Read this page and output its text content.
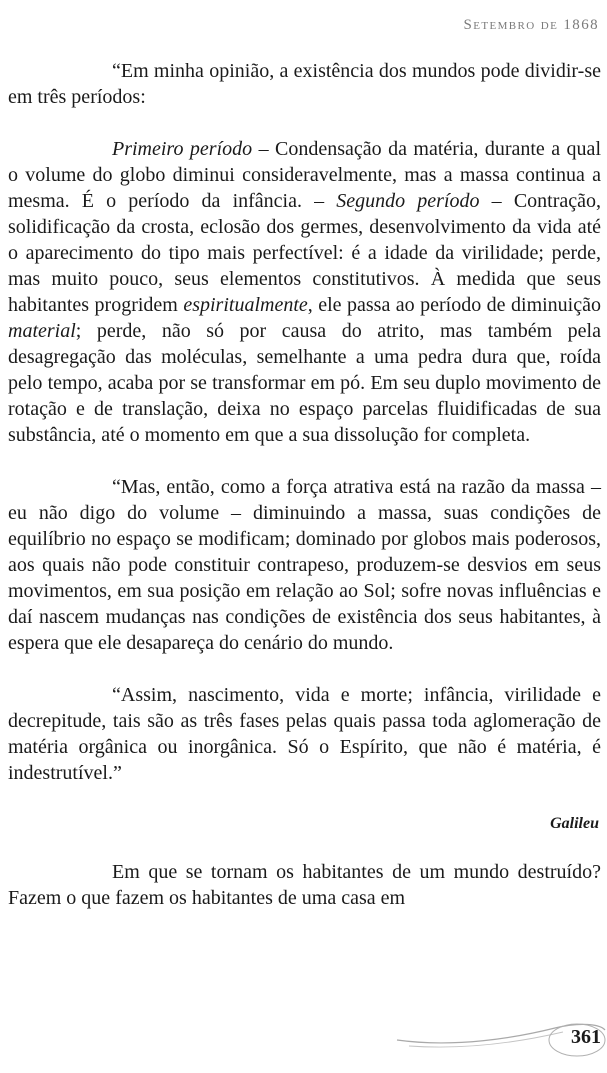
Setembro de 1868

“Em minha opinião, a existência dos mundos pode dividir-se em três períodos:

Primeiro período – Condensação da matéria, durante a qual o volume do globo diminui consideravelmente, mas a massa continua a mesma. É o período da infância. – Segundo período – Contração, solidificação da crosta, eclosão dos germes, desenvolvimento da vida até o aparecimento do tipo mais perfectível: é a idade da virilidade; perde, mas muito pouco, seus elementos constitutivos. À medida que seus habitantes progridem espiritualmente, ele passa ao período de diminuição material; perde, não só por causa do atrito, mas também pela desagregação das moléculas, semelhante a uma pedra dura que, roída pelo tempo, acaba por se transformar em pó. Em seu duplo movimento de rotação e de translação, deixa no espaço parcelas fluidificadas de sua substância, até o momento em que a sua dissolução for completa.

“Mas, então, como a força atrativa está na razão da massa – eu não digo do volume – diminuindo a massa, suas condições de equilíbrio no espaço se modificam; dominado por globos mais poderosos, aos quais não pode constituir contrapeso, produzem-se desvios em seus movimentos, em sua posição em relação ao Sol; sofre novas influências e daí nascem mudanças nas condições de existência dos seus habitantes, à espera que ele desapareça do cenário do mundo.

“Assim, nascimento, vida e morte; infância, virilidade e decrepitude, tais são as três fases pelas quais passa toda aglomeração de matéria orgânica ou inorgânica. Só o Espírito, que não é matéria, é indestrutível.”

Galileu

Em que se tornam os habitantes de um mundo destruído? Fazem o que fazem os habitantes de uma casa em

361
